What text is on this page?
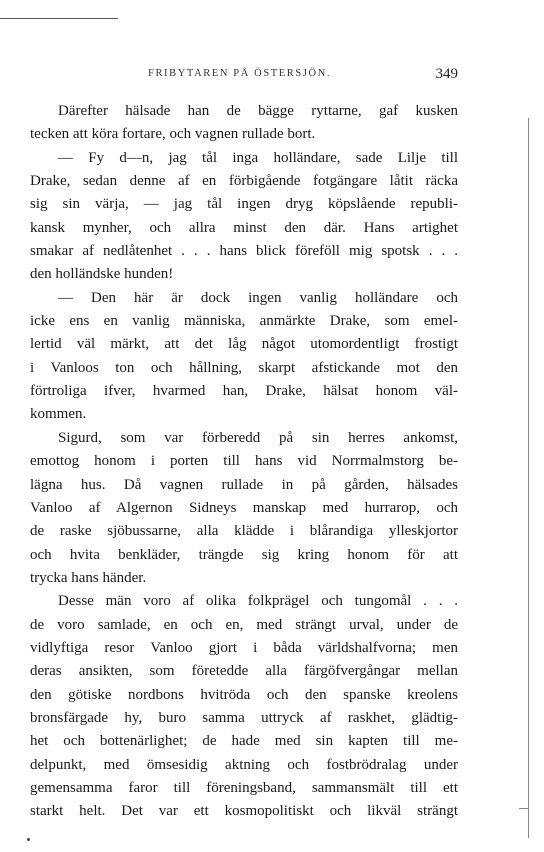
FRIBYTAREN PÅ ÖSTERSJÖN.	349
Därefter hälsade han de bägge ryttarne, gaf kusken
tecken att köra fortare, och vagnen rullade bort.
— Fy d—n, jag tål inga holländare, sade Lilje till
Drake, sedan denne af en förbigående fotgängare låtit räcka
sig sin värja, — jag tål ingen dryg köpslående republi-
kansk mynher, och allra minst den där. Hans artighet
smakar af nedlåtenhet . . . hans blick föreföll mig spotsk . . .
den holländske hunden!
— Den här är dock ingen vanlig holländare och
icke ens en vanlig människa, anmärkte Drake, som emel-
lertid väl märkt, att det låg något utomordentligt frostigt
i Vanloos ton och hållning, skarpt afstickande mot den
förtroliga ifver, hvarmed han, Drake, hälsat honom väl-
kommen.
Sigurd, som var förberedd på sin herres ankomst,
emottog honom i porten till hans vid Norrmalmstorg be-
lägna hus. Då vagnen rullade in på gården, hälsades
Vanloo af Algernon Sidneys manskap med hurrarop, och
de raske sjöbussarne, alla klädde i blårandiga ylleskjortor
och hvita benkläder, trängde sig kring honom för att
trycka hans händer.
Desse män voro af olika folkprägel och tungomål . . .
de voro samlade, en och en, med strängt urval, under de
vidlyftiga resor Vanloo gjort i båda världshalfvorna; men
deras ansikten, som företedde alla färgöfvergångar mellan
den götiske nordbons hvitröda och den spanske kreolens
bronsfärgade hy, buro samma uttryck af raskhet, glädtig-
het och bottenärlighet; de hade med sin kapten till me-
delpunkt, med ömsesidig aktning och fostbrödralag under
gemensamma faror till föreningsband, sammansmält till ett
starkt helt. Det var ett kosmopolitiskt och likväl strängt
